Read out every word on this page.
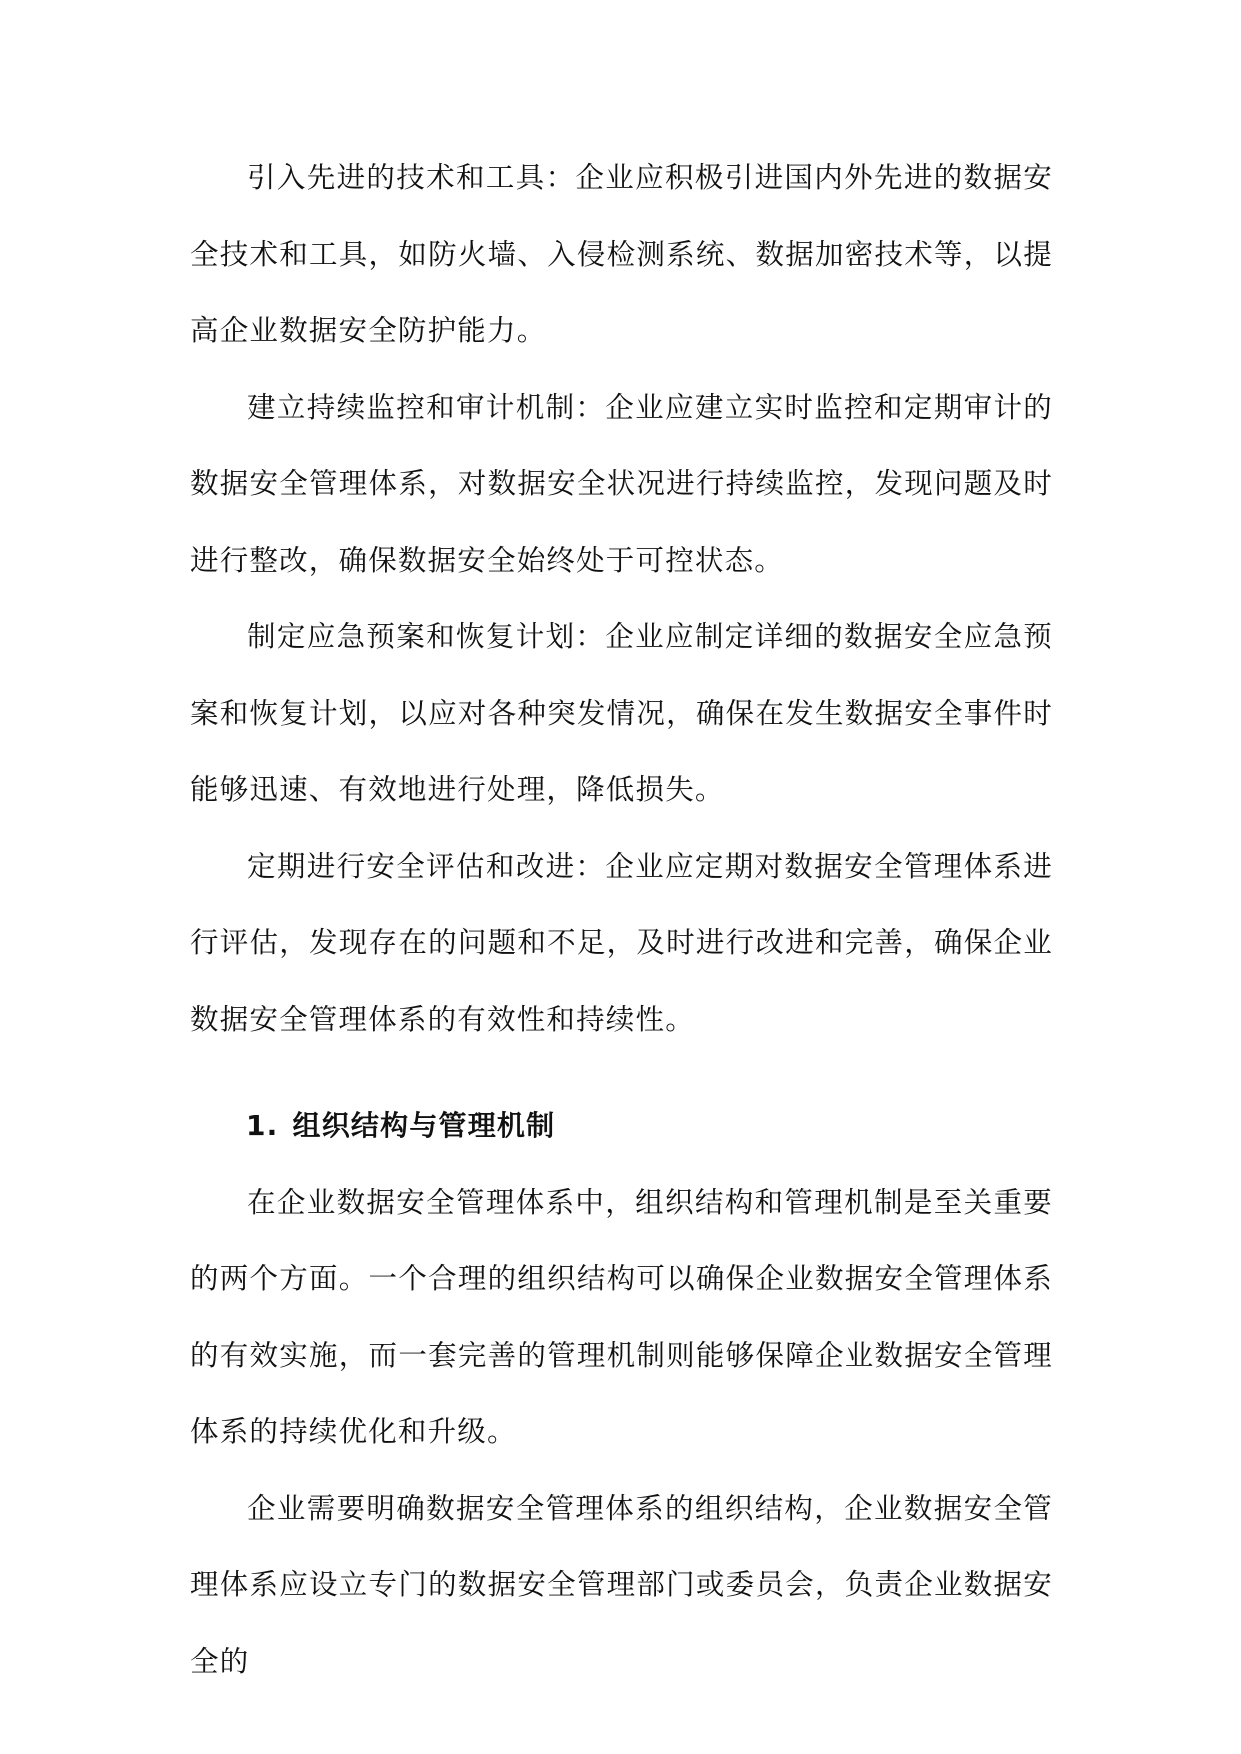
引入先进的技术和工具：企业应积极引进国内外先进的数据安全技术和工具，如防火墙、入侵检测系统、数据加密技术等，以提高企业数据安全防护能力。

建立持续监控和审计机制：企业应建立实时监控和定期审计的数据安全管理体系，对数据安全状况进行持续监控，发现问题及时进行整改，确保数据安全始终处于可控状态。

制定应急预案和恢复计划：企业应制定详细的数据安全应急预案和恢复计划，以应对各种突发情况，确保在发生数据安全事件时能够迅速、有效地进行处理，降低损失。

定期进行安全评估和改进：企业应定期对数据安全管理体系进行评估，发现存在的问题和不足，及时进行改进和完善，确保企业数据安全管理体系的有效性和持续性。

1. 组织结构与管理机制

在企业数据安全管理体系中，组织结构和管理机制是至关重要的两个方面。一个合理的组织结构可以确保企业数据安全管理体系的有效实施，而一套完善的管理机制则能够保障企业数据安全管理体系的持续优化和升级。

企业需要明确数据安全管理体系的组织结构，企业数据安全管理体系应设立专门的数据安全管理部门或委员会，负责企业数据安全的
